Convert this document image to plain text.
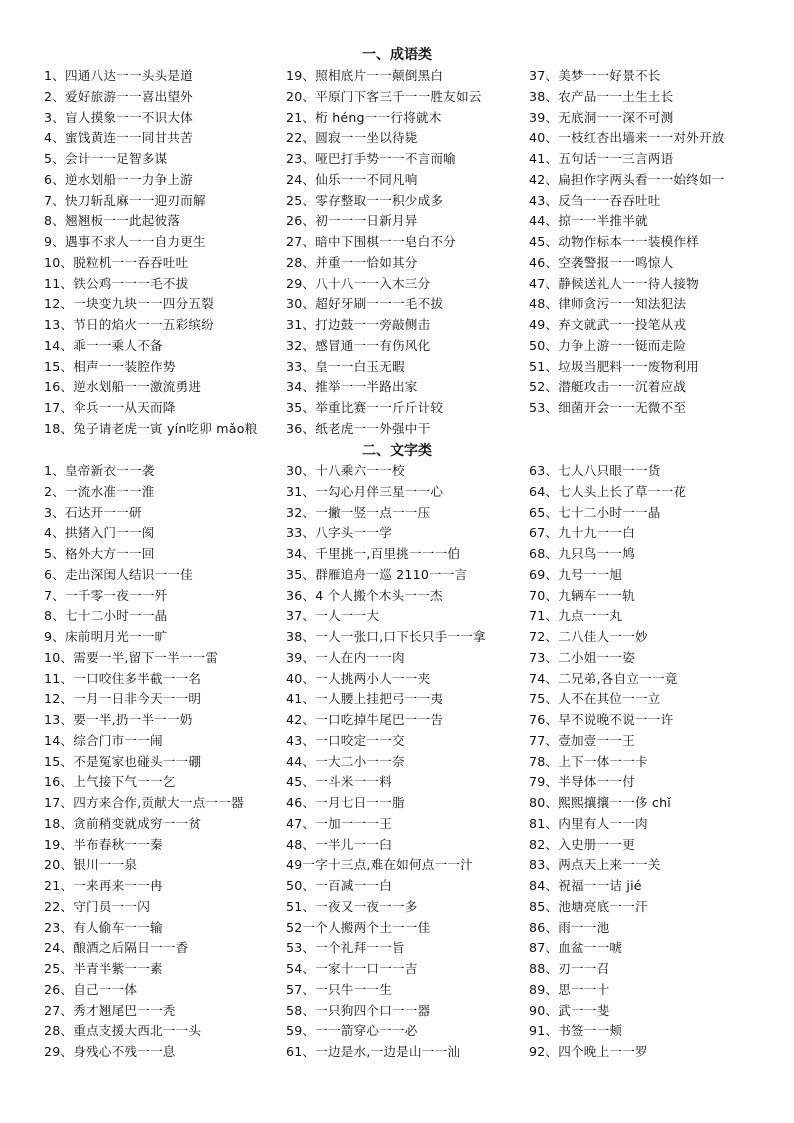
一、成语类
1、四通八达一一头头是道
2、爱好旅游一一喜出望外
3、盲人摸象一一不识大体
4、蜜饯黄连一一同甘共苦
5、会计一一足智多谋
6、逆水划船一一力争上游
7、快刀斩乱麻一一迎刃而解
8、翘翘板一一此起彼落
9、遇事不求人一一自力更生
10、脱粒机一一吞吞吐吐
11、铁公鸡一一一毛不拔
12、一块变九块一一四分五裂
13、节日的焰火一一五彩缤纷
14、乖一一乘人不备
15、相声一一装腔作势
16、逆水划船一一激流勇进
17、伞兵一一从天而降
18、兔子请老虎一寅 yín吃卯 mǎo粮
19、照相底片一一颠倒黑白
20、平原门下客三千一一胜友如云
21、桁 héng一一行将就木
22、圆寂一一坐以待毙
23、哑巴打手势一一不言而喻
24、仙乐一一不同凡响
25、零存整取一一积少成多
26、初一一一日新月异
27、暗中下围棋一一皂白不分
28、并重一一恰如其分
29、八十八一一入木三分
30、超好牙刷一一一毛不拔
31、打边鼓一一旁敲侧击
32、感冒通一一有伤风化
33、皇一一白玉无暇
34、推举一一半路出家
35、举重比赛一一斤斤计较
36、纸老虎一一外强中干
37、美梦一一好景不长
38、农产品一一土生土长
39、无底洞一一深不可测
40、一枝红杏出墙来一一对外开放
41、五句话一一三言两语
42、扁担作字两头看一一始终如一
43、反刍一一吞吞吐吐
44、掠一一半推半就
45、动物作标本一一装模作样
46、空袭警报一一鸣惊人
47、静候送礼人一一待人接物
48、律师贪污一一知法犯法
49、弃文就武一一投笔从戎
50、力争上游一一铤而走险
51、垃圾当肥料一一废物利用
52、潜艇攻击一一沉着应战
53、细菌开会一一无微不至
二、文字类
1、皇帝新衣一一袭
2、一流水准一一淮
3、石达开一一研
4、拱猪入门一一阂
5、格外大方一一回
6、走出深闺人结识一一佳
7、一千零一夜一一歼
8、七十二小时一一晶
9、床前明月光一一旷
10、需要一半,留下一半一一雷
11、一口咬住多半截一一名
12、一月一日非今天一一明
13、要一半,扔一半一一奶
14、综合门市一一闹
15、不是冤家也碰头一一硼
16、上气接下气一一乞
17、四方来合作,贡献大一点一一器
18、贪前稍变就成穷一一贫
19、半布春秋一一秦
20、银川一一泉
21、一来再来一一冉
22、守门员一一闪
23、有人偷车一一输
24、酿酒之后隔日一一香
25、半青半紫一一素
26、自己一一体
27、秀才翘尾巴一一秃
28、重点支援大西北一一头
29、身残心不残一一息
30、十八乘六一一校
31、一勾心月伴三星一一心
32、一撇一竖一点一一压
33、八字头一一学
34、千里挑一,百里挑一一一伯
35、群雁追舟一巡 2110一一言
36、4 个人搬个木头一一杰
37、一人一一大
38、一人一张口,口下长只手一一拿
39、一人在内一一肉
40、一人挑两小人一一夹
41、一人腰上挂把弓一一夷
42、一口吃掉牛尾巴一一告
43、一口咬定一一交
44、一大二小一一奈
45、一斗米一一料
46、一月七日一一脂
47、一加一一一王
48、一半儿一一臼
49一字十三点,难在如何点一一汁
50、一百减一一白
51、一夜又一夜一一多
52一个人搬两个土一一佳
53、一个礼拜一一旨
54、一家十一口一一吉
57、一只牛一一生
58、一只狗四个口一一器
59、一一箭穿心一一必
61、一边是水,一边是山一一汕
63、七人八只眼一一货
64、七人头上长了草一一花
65、七十二小时一一晶
67、九十九一一白
68、九只鸟一一鸠
69、九号一一旭
70、九辆车一一轨
71、九点一一丸
72、二八佳人一一妙
73、二小姐一一姿
74、二兄弟,各自立一一竟
75、人不在其位一一立
76、早不说晚不说一一许
77、壹加壹一一王
78、上下一体一一卡
79、半导体一一付
80、熙熙攘攘一一侈 chǐ
81、内里有人一一肉
82、入史册一一更
83、两点天上来一一关
84、祝福一一诘 jié
85、池塘亮底一一汗
86、雨一一池
87、血盆一一唬
88、刃一一召
89、思一一十
90、武一一斐
91、书签一一颊
92、四个晚上一一罗
